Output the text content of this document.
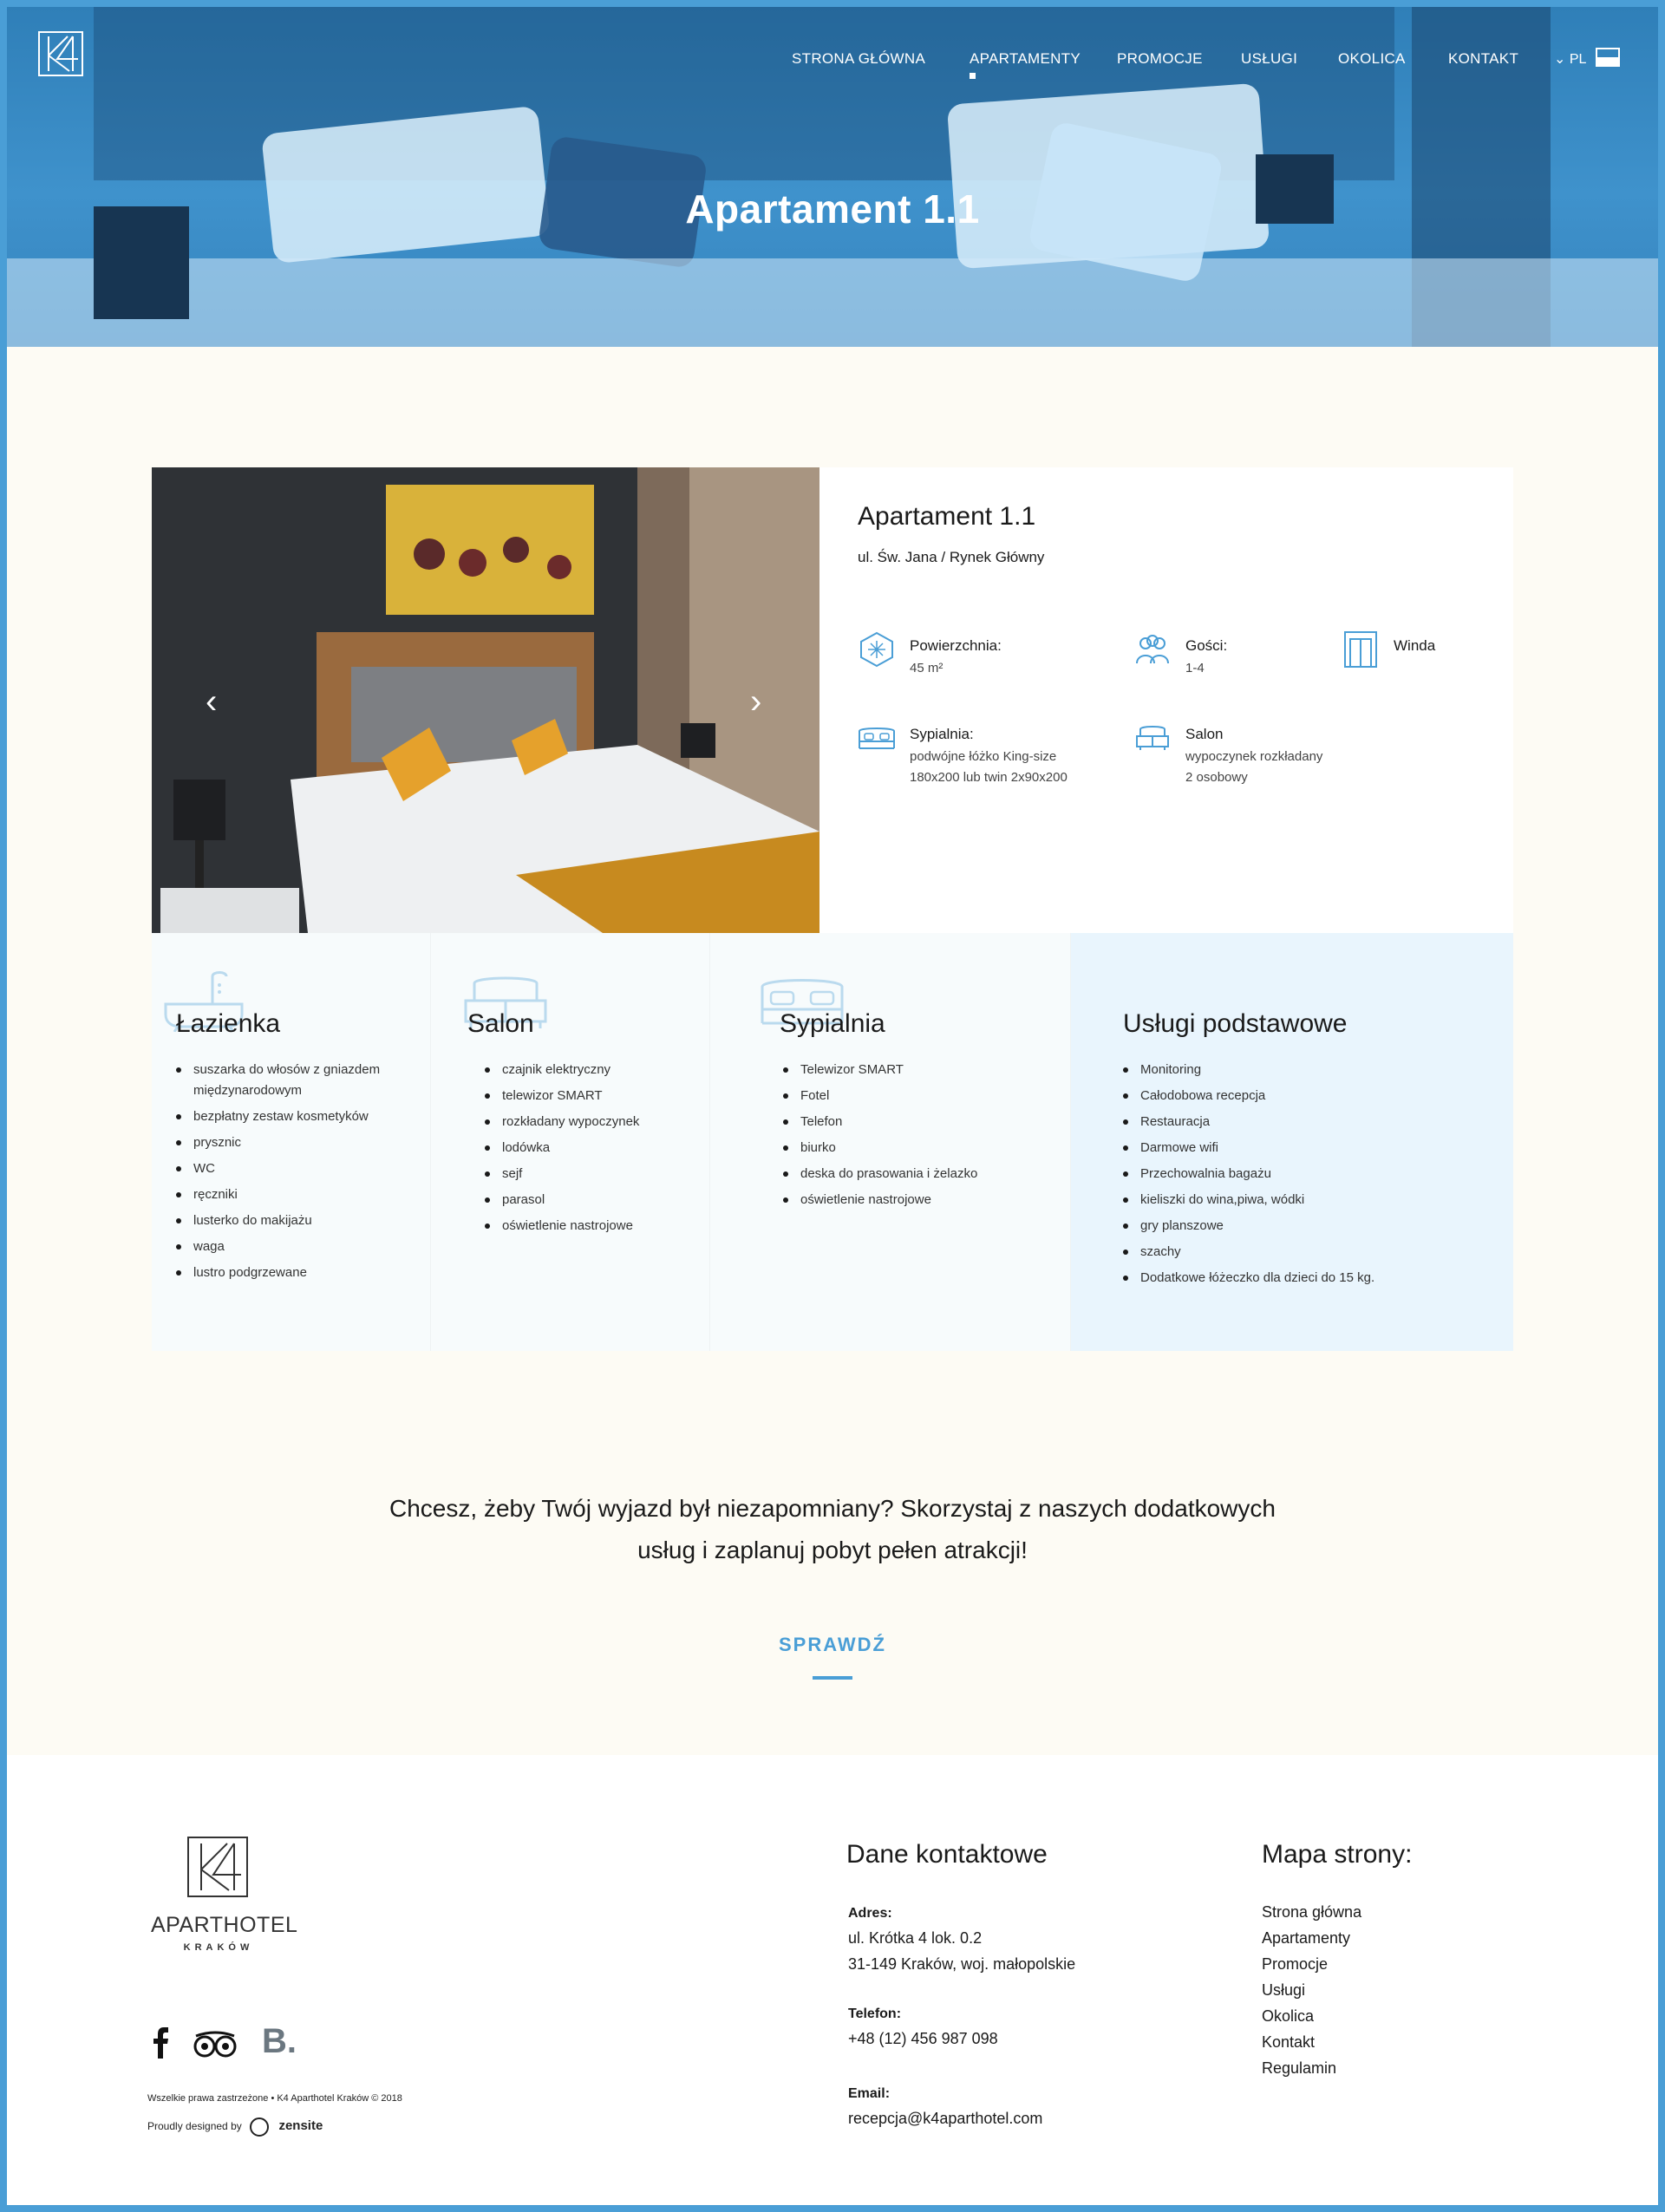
STRONA GŁÓWNA	APARTAMENTY PROMOCJE	USŁUGI	OKOLICA	KONTAKT	⌄ PL
Apartament 1.1
‹	›
Apartament 1.1
ul. Św. Jana / Rynek Główny
Powierzchnia:
45 m²
Gości:
1-4
Winda
Sypialnia:
podwójne łóżko King-size
180x200 lub twin 2x90x200
Salon
wypoczynek rozkładany
2 osobowy
Łazienka
suszarka do włosów z gniazdem międzynarodowym
bezpłatny zestaw kosmetyków
prysznic
WC
ręczniki
lusterko do makijażu
waga
lustro podgrzewane
Salon
czajnik elektryczny
telewizor SMART
rozkładany wypoczynek
lodówka
sejf
parasol
oświetlenie nastrojowe
Sypialnia
Telewizor SMART
Fotel
Telefon
biurko
deska do prasowania i żelazko
oświetlenie nastrojowe
Usługi podstawowe
Monitoring
Całodobowa recepcja
Restauracja
Darmowe wifi
Przechowalnia bagażu
kieliszki do wina,piwa, wódki
gry planszowe
szachy
Dodatkowe łóżeczko dla dzieci do 15 kg.
Chcesz, żeby Twój wyjazd był niezapomniany? Skorzystaj z naszych dodatkowych
usług i zaplanuj pobyt pełen atrakcji!
SPRAWDŹ
APARTHOTEL
KRAKÓW
B.
Wszelkie prawa zastrzeżone • K4 Aparthotel Kraków © 2018
Proudly designed by	zensite
Dane kontaktowe
Adres:
ul. Krótka 4 lok. 0.2
31-149 Kraków, woj. małopolskie
Telefon:
+48 (12) 456 987 098
Email:
recepcja@k4aparthotel.com
Mapa strony:
Strona główna
Apartamenty
Promocje
Usługi
Okolica
Kontakt
Regulamin
